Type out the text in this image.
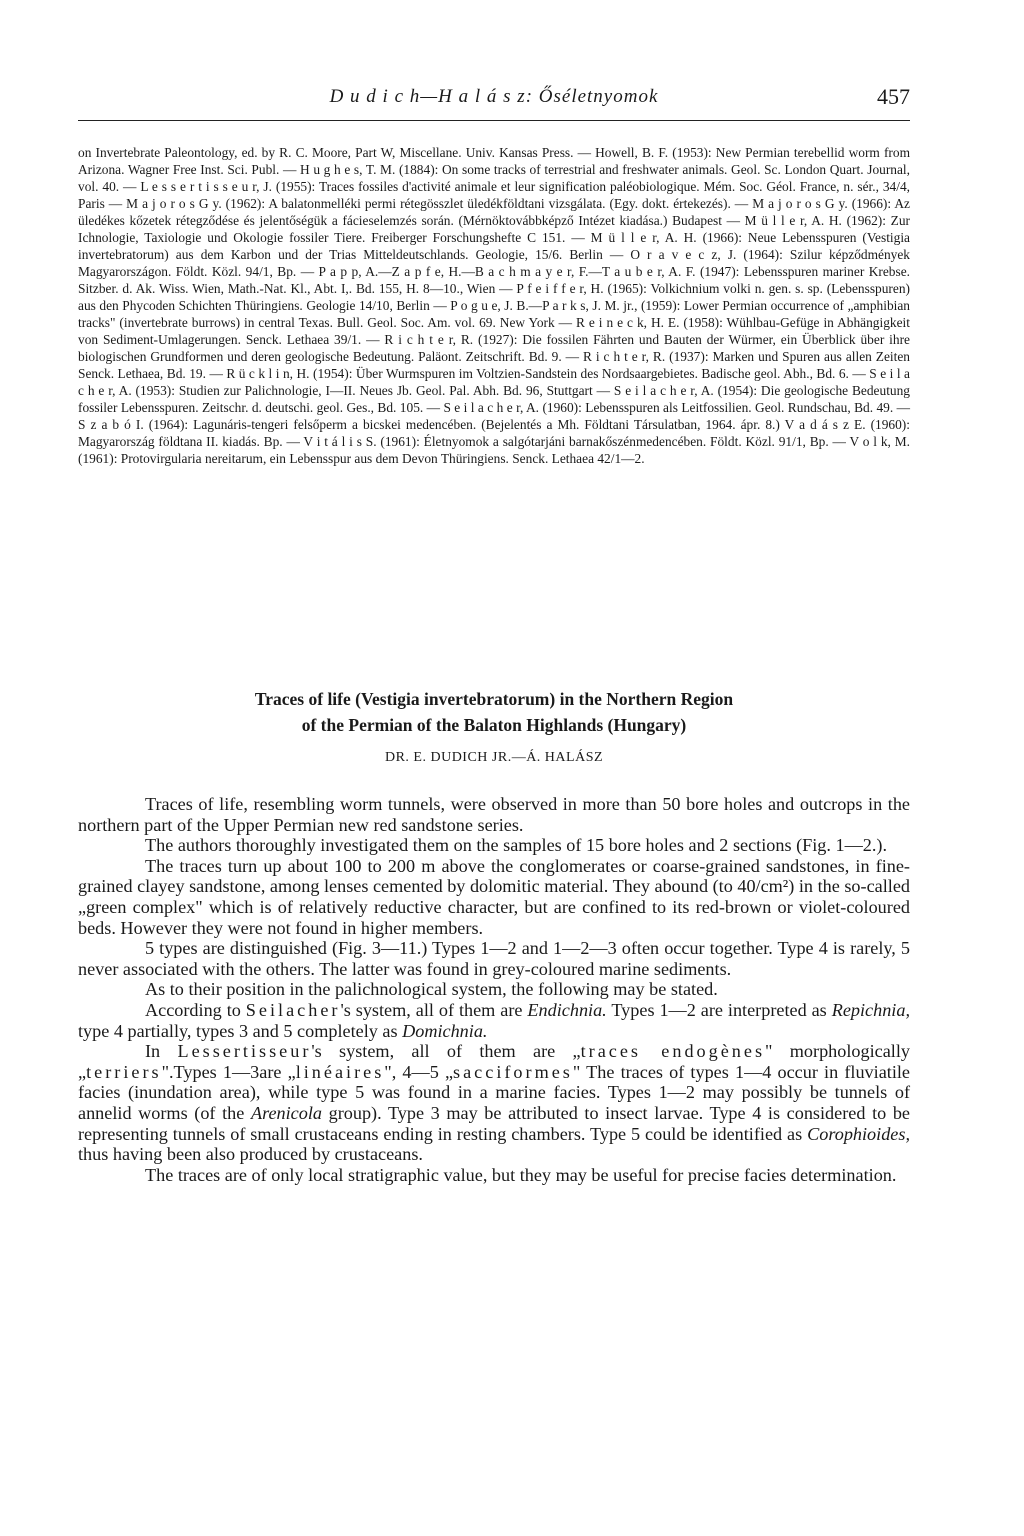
D u d i c h—H a l á s z: Őséletnyomok	457

on Invertebrate Paleontology, ed. by R. C. Moore, Part W, Miscellane. Univ. Kansas Press. — Howell, B. F. (1953): New Permian terebellid worm from Arizona. Wagner Free Inst. Sci. Publ. — H u g h e s, T. M. (1884): On some tracks of terrestrial and freshwater animals. Geol. Sc. London Quart. Journal, vol. 40. — L e s s e r t i s s e u r, J. (1955): Traces fossiles d'activité animale et leur signification paléobiologique. Mém. Soc. Géol. France, n. sér., 34/4, Paris — M a j o r o s G y. (1962): A balatonmelléki permi rétegösszlet üledékföldtani vizsgálata. (Egy. dokt. értekezés). — M a j o r o s G y. (1966): Az üledékes kőzetek rétegződése és jelentőségük a fácieselemzés során. (Mérnöktovábbképző Intézet kiadása.) Budapest — M ü l l e r, A. H. (1962): Zur Ichnologie, Taxiologie und Okologie fossiler Tiere. Freiberger Forschungshefte C 151. — M ü l l e r, A. H. (1966): Neue Lebensspuren (Vestigia invertebratorum) aus dem Karbon und der Trias Mitteldeutschlands. Geologie, 15/6. Berlin — O r a v e c z, J. (1964): Szilur képződmények Magyarországon. Földt. Közl. 94/1, Bp. — P a p p, A.—Z a p f e, H.—B a c h m a y e r, F.—T a u b e r, A. F. (1947): Lebensspuren mariner Krebse. Sitzber. d. Ak. Wiss. Wien, Math.-Nat. Kl., Abt. I,. Bd. 155, H. 8—10., Wien — P f e i f f e r, H. (1965): Volkichnium volki n. gen. s. sp. (Lebensspuren) aus den Phycoden Schichten Thüringiens. Geologie 14/10, Berlin — P o g u e, J. B.—P a r k s, J. M. jr., (1959): Lower Permian occurrence of „amphibian tracks" (invertebrate burrows) in central Texas. Bull. Geol. Soc. Am. vol. 69. New York — R e i n e c k, H. E. (1958): Wühlbau-Gefüge in Abhängigkeit von Sediment-Umlagerungen. Senck. Lethaea 39/1. — R i c h t e r, R. (1927): Die fossilen Fährten und Bauten der Würmer, ein Überblick über ihre biologischen Grundformen und deren geologische Bedeutung. Paläont. Zeitschrift. Bd. 9. — R i c h t e r, R. (1937): Marken und Spuren aus allen Zeiten Senck. Lethaea, Bd. 19. — R ü c k l i n, H. (1954): Über Wurmspuren im Voltzien-Sandstein des Nordsaargebietes. Badische geol. Abh., Bd. 6. — S e i l a c h e r, A. (1953): Studien zur Palichnologie, I—II. Neues Jb. Geol. Pal. Abh. Bd. 96, Stuttgart — S e i l a c h e r, A. (1954): Die geologische Bedeutung fossiler Lebensspuren. Zeitschr. d. deutschi. geol. Ges., Bd. 105. — S e i l a c h e r, A. (1960): Lebensspuren als Leitfossilien. Geol. Rundschau, Bd. 49. — S z a b ó I. (1964): Lagunáris-tengeri felsőperm a bicskei medencében. (Bejelentés a Mh. Földtani Társulatban, 1964. ápr. 8.) V a d á s z E. (1960): Magyarország földtana II. kiadás. Bp. — V i t á l i s S. (1961): Életnyomok a salgótarjáni barnakőszénmedencében. Földt. Közl. 91/1, Bp. — V o l k, M. (1961): Protovirgularia nereitarum, ein Lebensspur aus dem Devon Thüringiens. Senck. Lethaea 42/1—2.

Traces of life (Vestigia invertebratorum) in the Northern Region
of the Permian of the Balaton Highlands (Hungary)
DR. E. DUDICH JR.—Á. HALÁSZ

Traces of life, resembling worm tunnels, were observed in more than 50 bore holes and outcrops in the northern part of the Upper Permian new red sandstone series.

The authors thoroughly investigated them on the samples of 15 bore holes and 2 sections (Fig. 1—2.).

The traces turn up about 100 to 200 m above the conglomerates or coarse-grained sandstones, in fine-grained clayey sandstone, among lenses cemented by dolomitic material. They abound (to 40/cm²) in the so-called „green complex" which is of relatively reductive character, but are confined to its red-brown or violet-coloured beds. However they were not found in higher members.

5 types are distinguished (Fig. 3—11.) Types 1—2 and 1—2—3 often occur together. Type 4 is rarely, 5 never associated with the others. The latter was found in grey-coloured marine sediments.

As to their position in the palichnological system, the following may be stated.

According to Seilacher's system, all of them are Endichnia. Types 1—2 are interpreted as Repichnia, type 4 partially, types 3 and 5 completely as Domichnia.

In Lessertisseur's system, all of them are „traces endogènes" morphologically „terriers".Types 1—3are „linéaires", 4—5 „sacciformes" The traces of types 1—4 occur in fluviatile facies (inundation area), while type 5 was found in a marine facies. Types 1—2 may possibly be tunnels of annelid worms (of the Arenicola group). Type 3 may be attributed to insect larvae. Type 4 is considered to be representing tunnels of small crustaceans ending in resting chambers. Type 5 could be identified as Corophioides, thus having been also produced by crustaceans.

The traces are of only local stratigraphic value, but they may be useful for precise facies determination.
